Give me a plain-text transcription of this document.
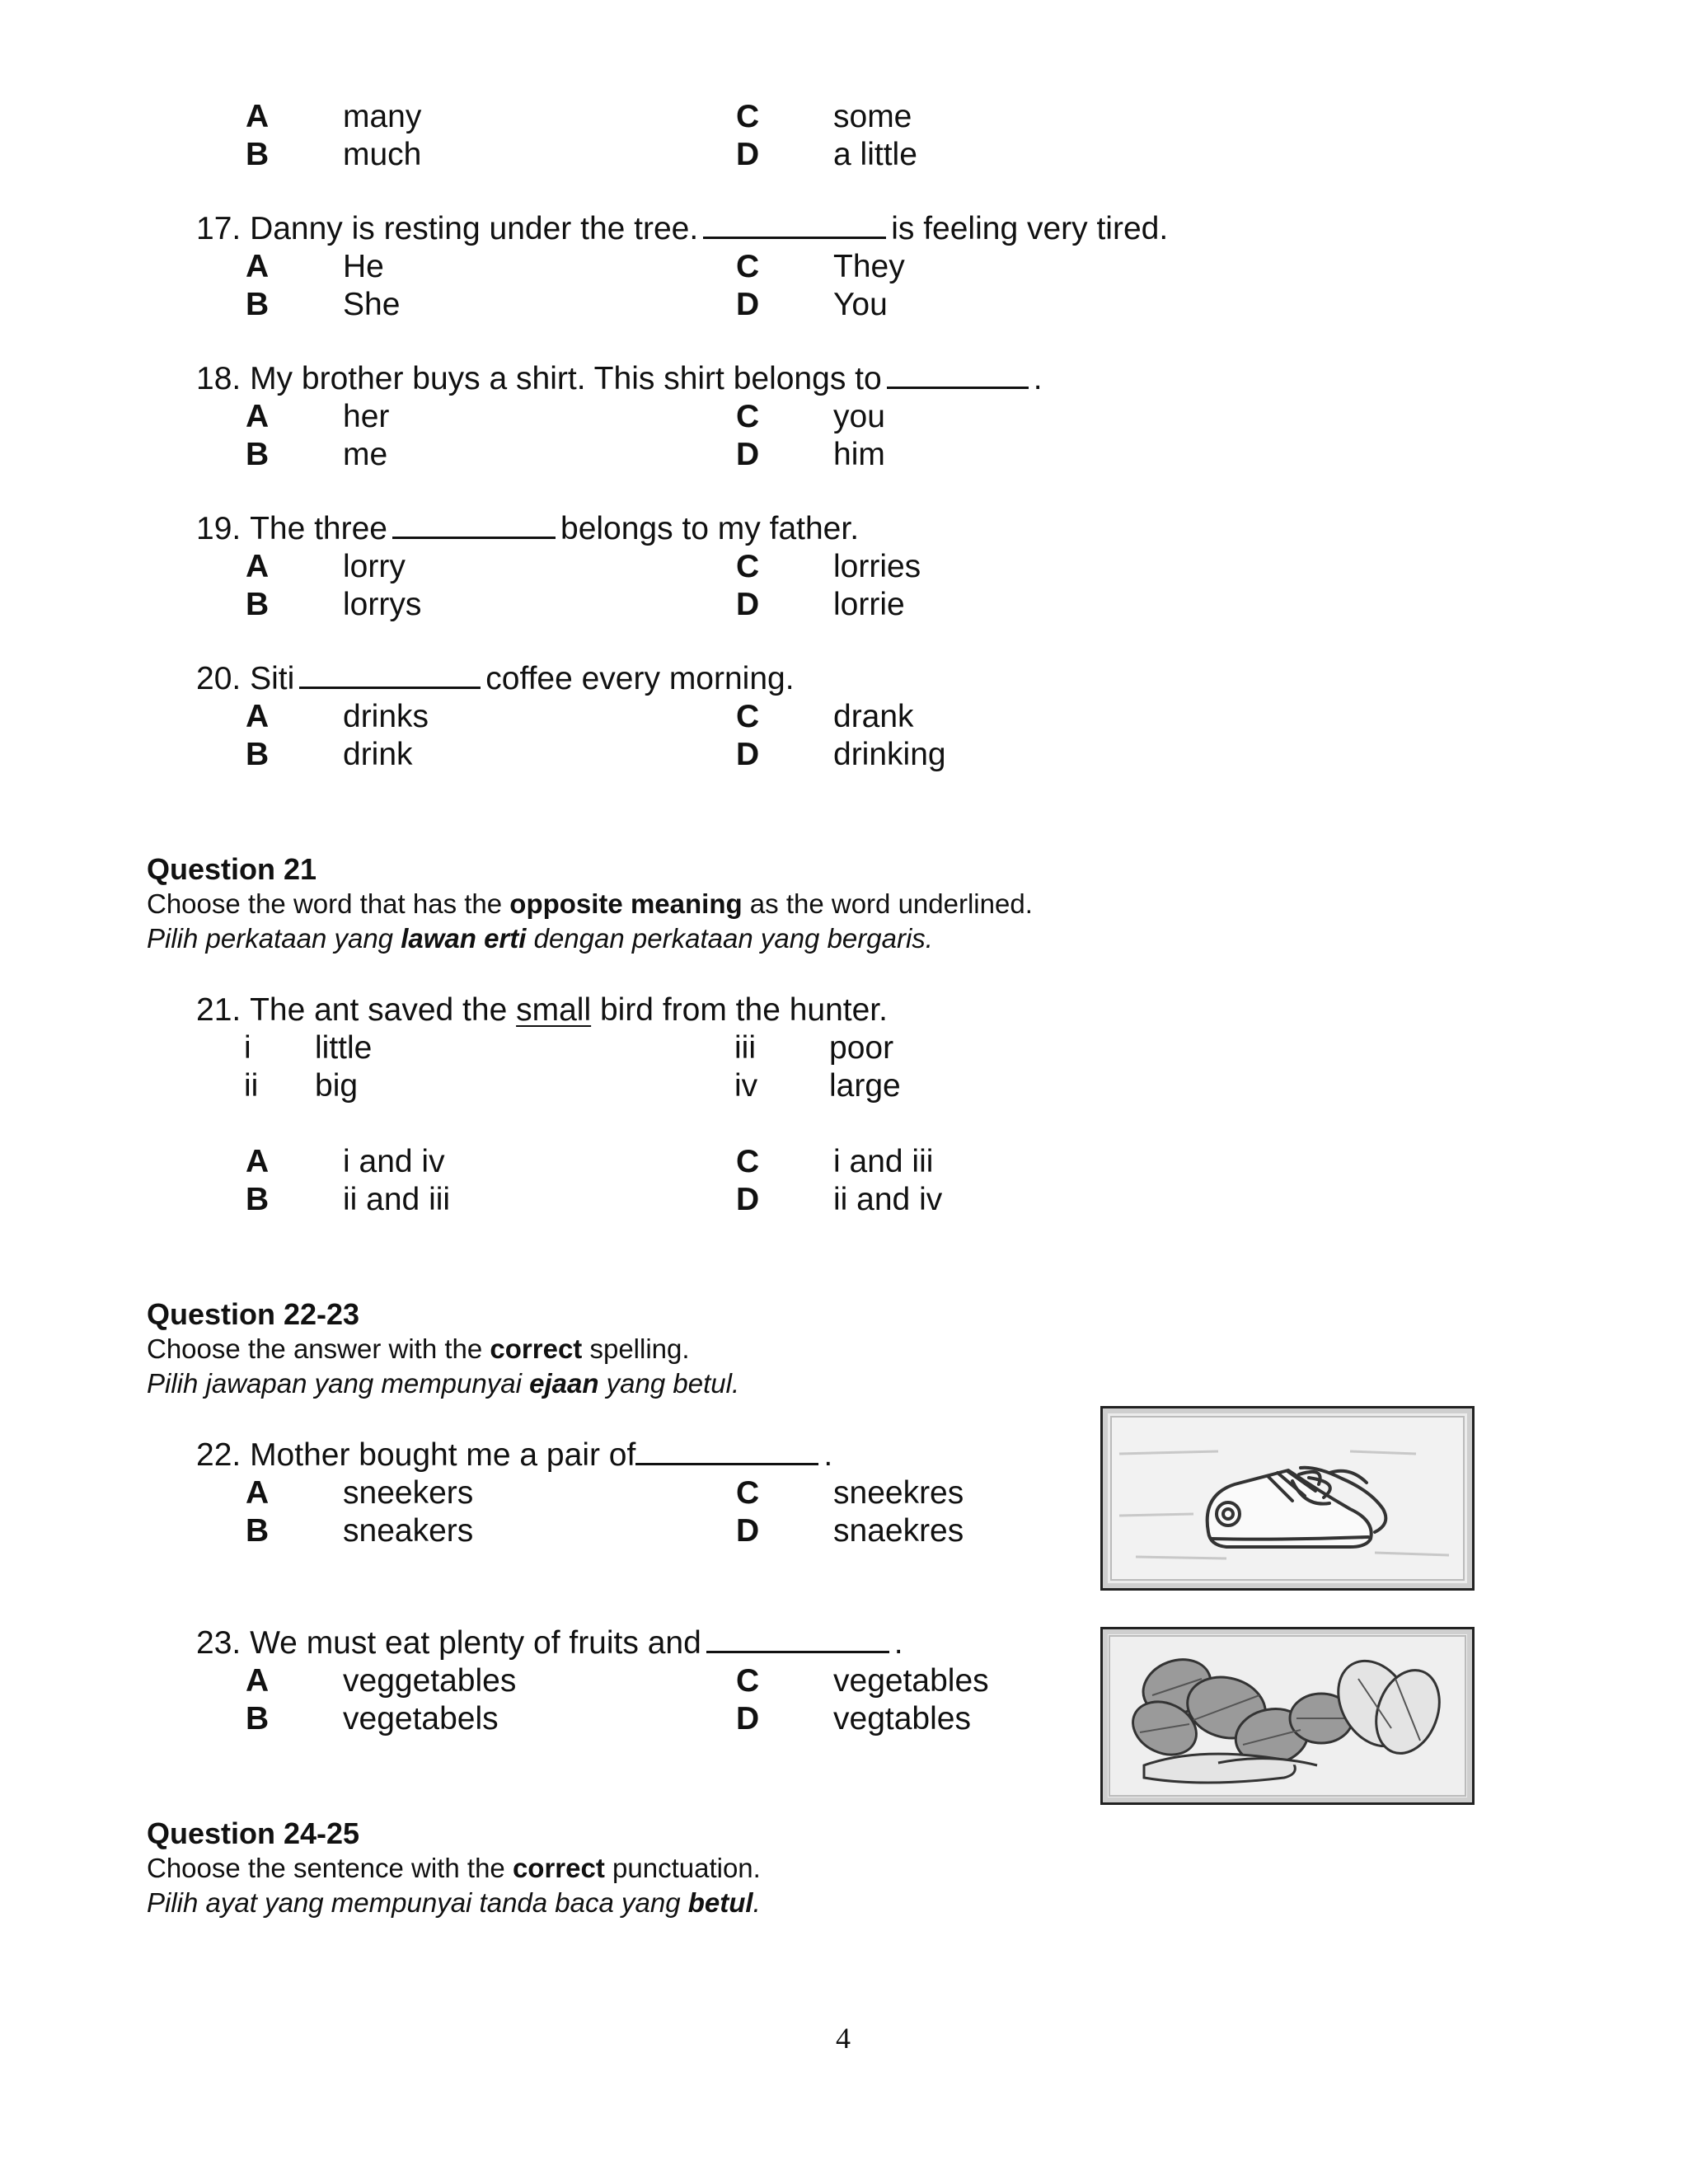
A many	C some
B much	D a little
17. Danny is resting under the tree.	is feeling very tired.
A He	C They
B She	D You
18. My brother buys a shirt. This shirt belongs to	.
A her	C you
B me	D him
19. The three	belongs to my father.
A lorry	C lorries
B lorrys	D lorrie
20. Siti	coffee every morning.
A drinks	C drank
B drink	D drinking
Question 21
Choose the word that has the opposite meaning as the word underlined.
Pilih perkataan yang lawan erti dengan perkataan yang bergaris.
21. The ant saved the small bird from the hunter.
i little	iii poor
ii big	iv large
A i and iv	C i and iii
B ii and iii	D ii and iv
Question 22-23
Choose the answer with the correct spelling.
Pilih jawapan yang mempunyai ejaan yang betul.
22. Mother bought me a pair of	.
A sneekers	C sneekres
B sneakers	D snaekres
23. We must eat plenty of fruits and	.
A veggetables	C vegetables
B vegetabels	D vegtables
Question 24-25
Choose the sentence with the correct punctuation.
Pilih ayat yang mempunyai tanda baca yang betul.
4
